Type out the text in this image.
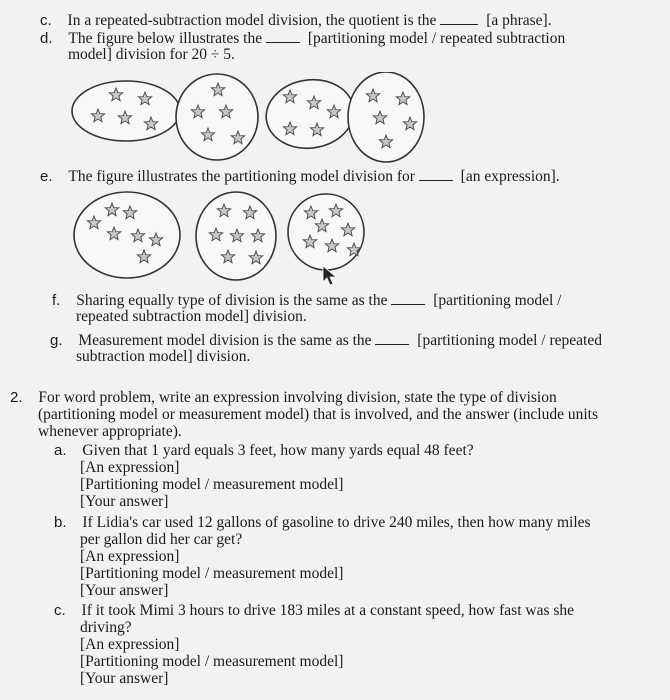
c. In a repeated-subtraction model division, the quotient is the	[a phrase].
d. The figure below illustrates the	[partitioning model / repeated subtraction
model] division for 20 ÷ 5.
e. The figure illustrates the partitioning model division for	[an expression].
f. Sharing equally type of division is the same as the	[partitioning model /
repeated subtraction model] division.
g. Measurement model division is the same as the	[partitioning model / repeated
subtraction model] division.
2. For word problem, write an expression involving division, state the type of division
(partitioning model or measurement model) that is involved, and the answer (include units
whenever appropriate).
a. Given that 1 yard equals 3 feet, how many yards equal 48 feet?
[An expression]
[Partitioning model / measurement model]
[Your answer]
b. If Lidia's car used 12 gallons of gasoline to drive 240 miles, then how many miles
per gallon did her car get?
[An expression]
[Partitioning model / measurement model]
[Your answer]
c. If it took Mimi 3 hours to drive 183 miles at a constant speed, how fast was she
driving?
[An expression]
[Partitioning model / measurement model]
[Your answer]
